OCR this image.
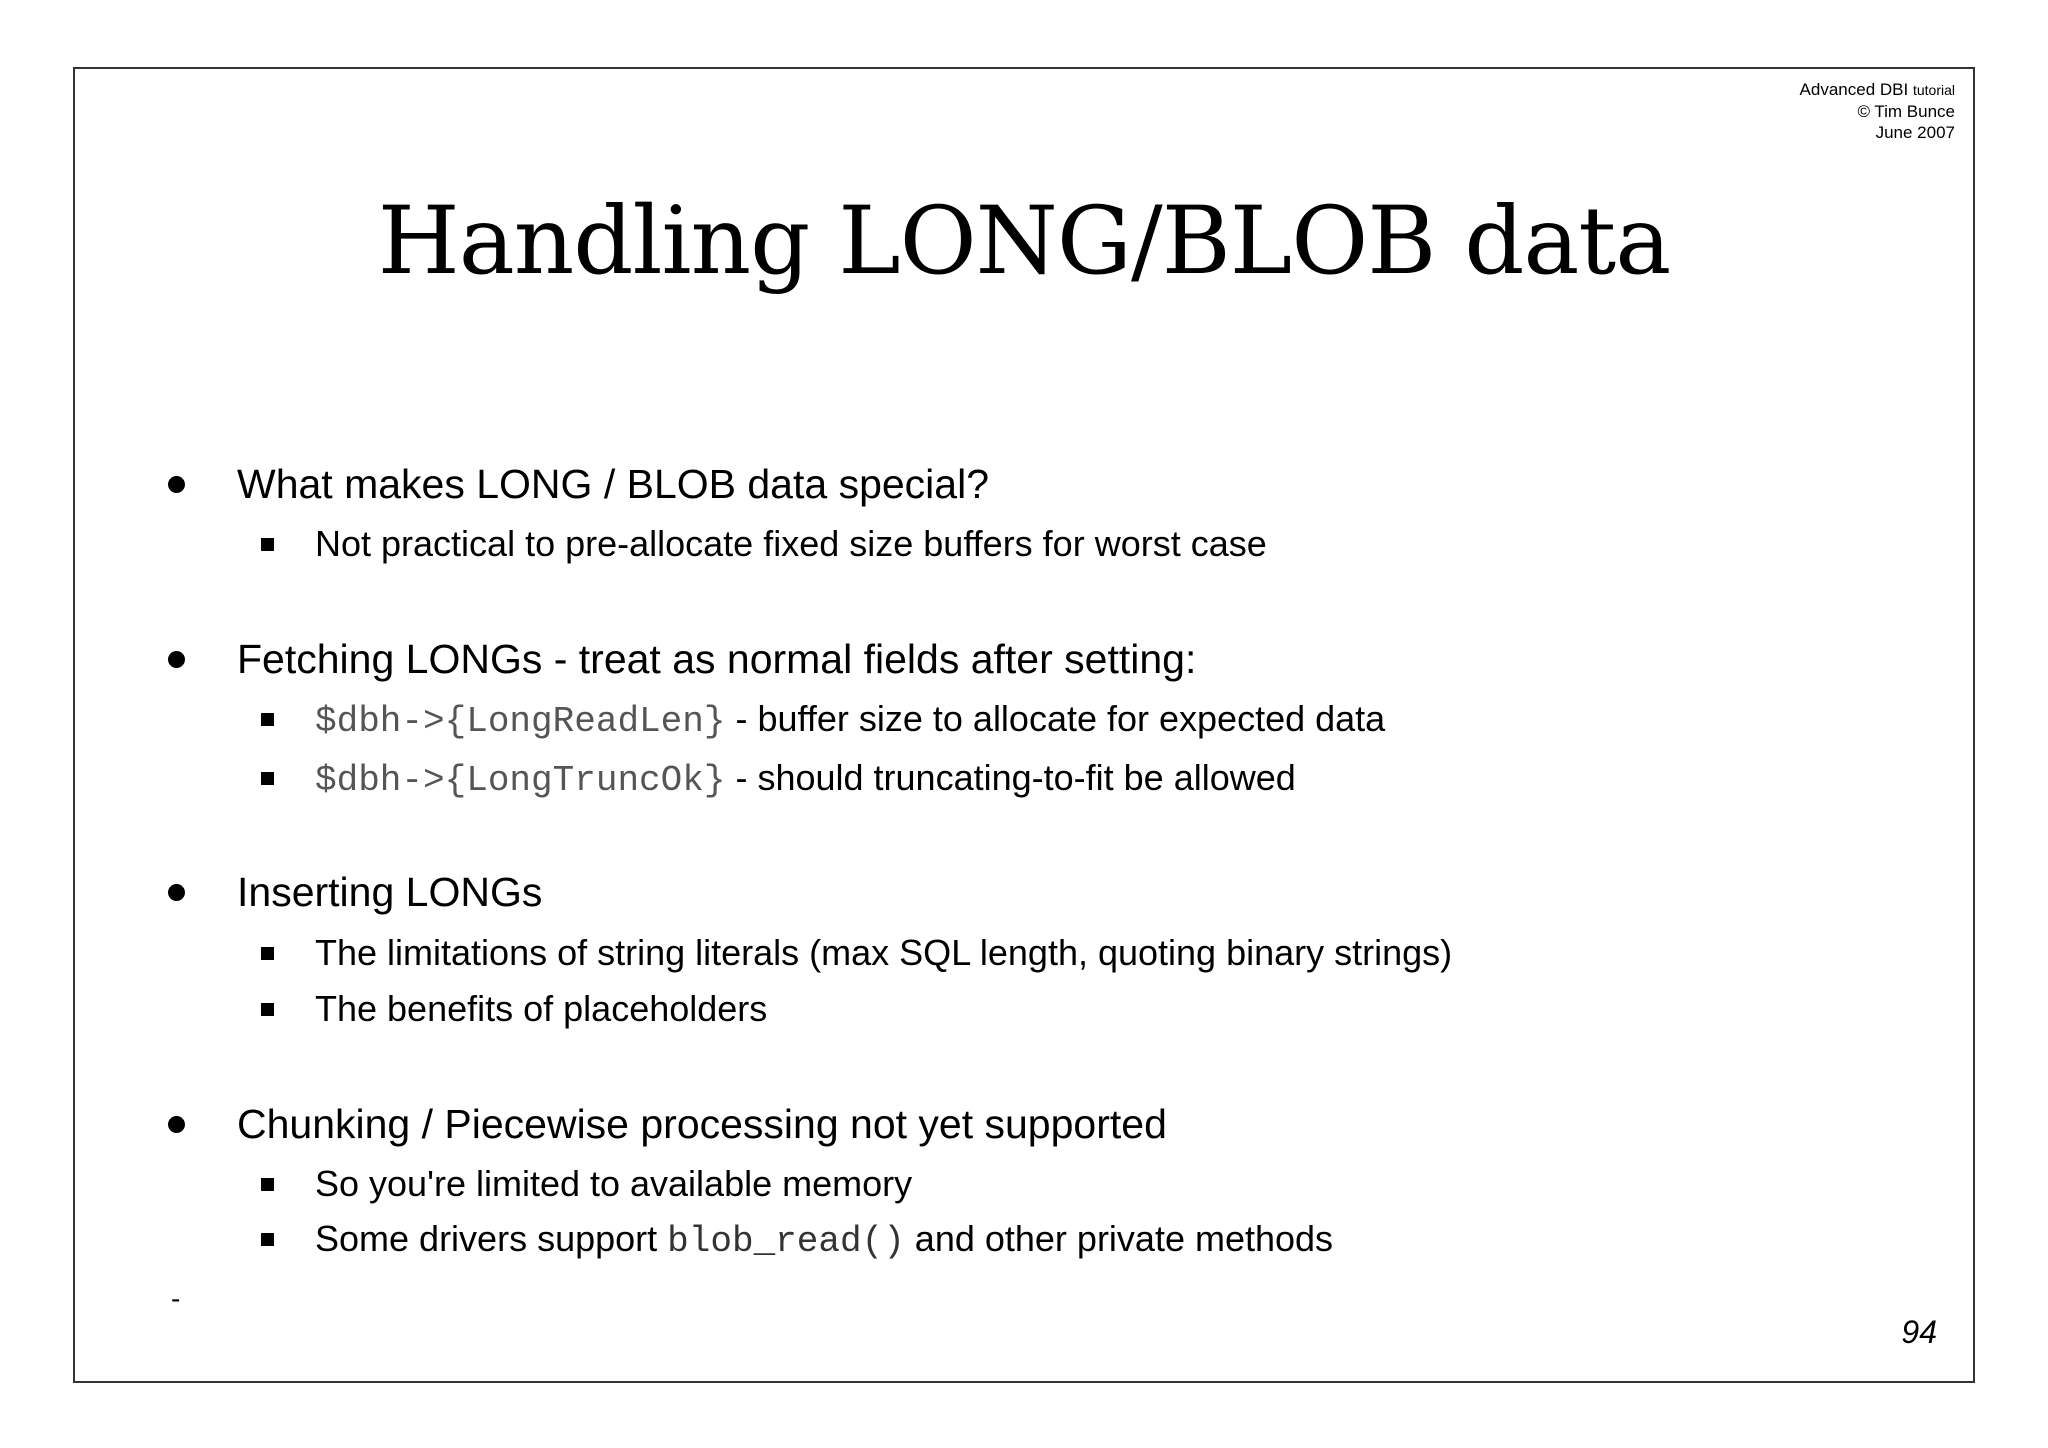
Advanced DBI tutorial
© Tim Bunce
June 2007
Handling LONG/BLOB data
What makes LONG / BLOB data special?
Not practical to pre-allocate fixed size buffers for worst case
Fetching LONGs - treat as normal fields after setting:
$dbh->{LongReadLen} - buffer size to allocate for expected data
$dbh->{LongTruncOk} - should truncating-to-fit be allowed
Inserting LONGs
The limitations of string literals (max SQL length, quoting binary strings)
The benefits of placeholders
Chunking / Piecewise processing not yet supported
So you're limited to available memory
Some drivers support blob_read() and other private methods
-
94
